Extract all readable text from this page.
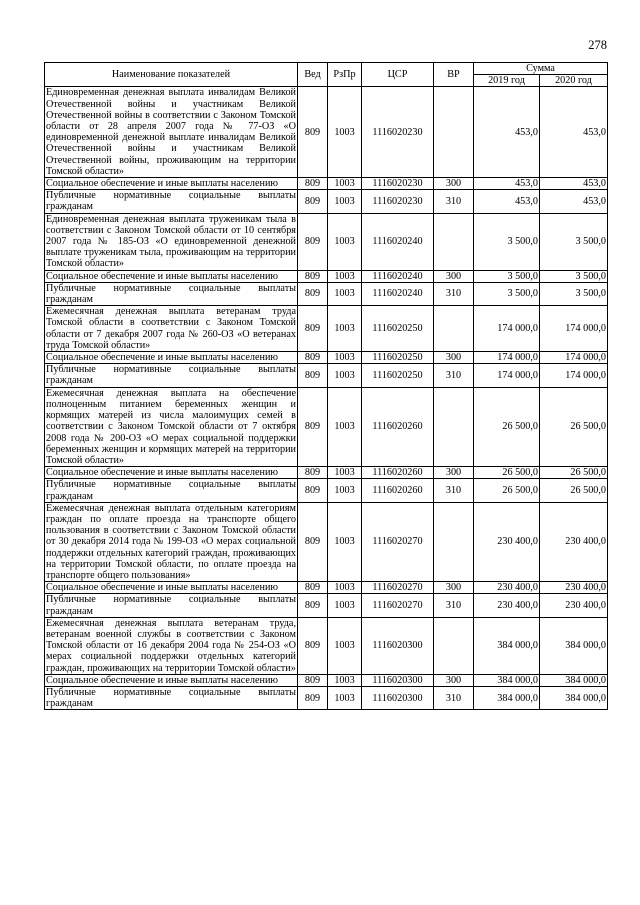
278
Наименование показателей	Вед	РзПр	ЦСР	ВР	Сумма	
					2019 год	2020 год
Единовременная денежная выплата инвалидам Великой Отечественной войны и участникам Великой Отечественной войны в соответствии с Законом Томской области от 28 апреля 2007 года № 77-ОЗ «О единовременной денежной выплате инвалидам Великой Отечественной войны и участникам Великой Отечественной войны, проживающим на территории Томской области»	809	1003	1116020230		453,0	453,0
Социальное обеспечение и иные выплаты населению	809	1003	1116020230	300	453,0	453,0
Публичные нормативные социальные выплаты гражданам	809	1003	1116020230	310	453,0	453,0
Единовременная денежная выплата труженикам тыла в соответствии с Законом Томской области от 10 сентября 2007 года № 185-ОЗ «О единовременной денежной выплате труженикам тыла, проживающим на территории Томской области»	809	1003	1116020240		3 500,0	3 500,0
Социальное обеспечение и иные выплаты населению	809	1003	1116020240	300	3 500,0	3 500,0
Публичные нормативные социальные выплаты гражданам	809	1003	1116020240	310	3 500,0	3 500,0
Ежемесячная денежная выплата ветеранам труда Томской области в соответствии с Законом Томской области от 7 декабря 2007 года № 260-ОЗ «О ветеранах труда Томской области»	809	1003	1116020250		174 000,0	174 000,0
Социальное обеспечение и иные выплаты населению	809	1003	1116020250	300	174 000,0	174 000,0
Публичные нормативные социальные выплаты гражданам	809	1003	1116020250	310	174 000,0	174 000,0
Ежемесячная денежная выплата на обеспечение полноценным питанием беременных женщин и кормящих матерей из числа малоимущих семей в соответствии с Законом Томской области от 7 октября 2008 года № 200-ОЗ «О мерах социальной поддержки беременных женщин и кормящих матерей на территории Томской области»	809	1003	1116020260		26 500,0	26 500,0
Социальное обеспечение и иные выплаты населению	809	1003	1116020260	300	26 500,0	26 500,0
Публичные нормативные социальные выплаты гражданам	809	1003	1116020260	310	26 500,0	26 500,0
Ежемесячная денежная выплата отдельным категориям граждан по оплате проезда на транспорте общего пользования в соответствии с Законом Томской области от 30 декабря 2014 года № 199-ОЗ «О мерах социальной поддержки отдельных категорий граждан, проживающих на территории Томской области, по оплате проезда на транспорте общего пользования»	809	1003	1116020270		230 400,0	230 400,0
Социальное обеспечение и иные выплаты населению	809	1003	1116020270	300	230 400,0	230 400,0
Публичные нормативные социальные выплаты гражданам	809	1003	1116020270	310	230 400,0	230 400,0
Ежемесячная денежная выплата ветеранам труда, ветеранам военной службы в соответствии с Законом Томской области от 16 декабря 2004 года № 254-ОЗ «О мерах социальной поддержки отдельных категорий граждан, проживающих на территории Томской области»	809	1003	1116020300		384 000,0	384 000,0
Социальное обеспечение и иные выплаты населению	809	1003	1116020300	300	384 000,0	384 000,0
Публичные нормативные социальные выплаты гражданам	809	1003	1116020300	310	384 000,0	384 000,0
